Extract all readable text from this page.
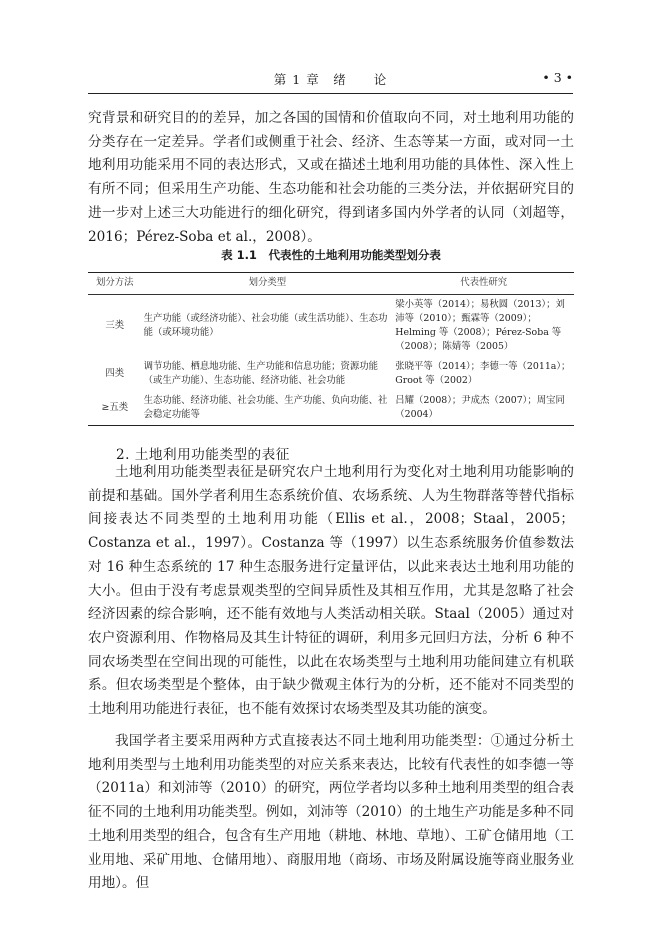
第 1 章　绪　　论	• 3 •

究背景和研究目的的差异，加之各国的国情和价值取向不同，对土地利用功能的分类存在一定差异。学者们或侧重于社会、经济、生态等某一方面，或对同一土地利用功能采用不同的表达形式，又或在描述土地利用功能的具体性、深入性上有所不同；但采用生产功能、生态功能和社会功能的三类分法，并依据研究目的进一步对上述三大功能进行的细化研究，得到诸多国内外学者的认同（刘超等，2016；Pérez-Soba et al.，2008）。

表 1.1　代表性的土地利用功能类型划分表
划分方法	划分类型	代表性研究
三类	生产功能（或经济功能）、社会功能（或生活功能）、生态功能（或环境功能）	梁小英等（2014）；易秋圆（2013）；刘沛等（2010）；甄霖等（2009）；Helming 等（2008）；Pérez-Soba 等（2008）；陈婧等（2005）
四类	调节功能、栖息地功能、生产功能和信息功能；资源功能（或生产功能）、生态功能、经济功能、社会功能	张晓平等（2014）；李德一等（2011a）；Groot 等（2002）
≥五类	生态功能、经济功能、社会功能、生产功能、负向功能、社会稳定功能等	吕耀（2008）；尹成杰（2007）；周宝同（2004）
2. 土地利用功能类型的表征

土地利用功能类型表征是研究农户土地利用行为变化对土地利用功能影响的前提和基础。国外学者利用生态系统价值、农场系统、人为生物群落等替代指标间接表达不同类型的土地利用功能（Ellis et al.，2008；Staal，2005；Costanza et al.，1997）。Costanza 等（1997）以生态系统服务价值参数法对 16 种生态系统的 17 种生态服务进行定量评估，以此来表达土地利用功能的大小。但由于没有考虑景观类型的空间异质性及其相互作用，尤其是忽略了社会经济因素的综合影响，还不能有效地与人类活动相关联。Staal（2005）通过对农户资源利用、作物格局及其生计特征的调研，利用多元回归方法，分析 6 种不同农场类型在空间出现的可能性，以此在农场类型与土地利用功能间建立有机联系。但农场类型是个整体，由于缺少微观主体行为的分析，还不能对不同类型的土地利用功能进行表征，也不能有效探讨农场类型及其功能的演变。

我国学者主要采用两种方式直接表达不同土地利用功能类型：①通过分析土地利用类型与土地利用功能类型的对应关系来表达，比较有代表性的如李德一等（2011a）和刘沛等（2010）的研究，两位学者均以多种土地利用类型的组合表征不同的土地利用功能类型。例如，刘沛等（2010）的土地生产功能是多种不同土地利用类型的组合，包含有生产用地（耕地、林地、草地）、工矿仓储用地（工业用地、采矿用地、仓储用地）、商服用地（商场、市场及附属设施等商业服务业用地）。但
